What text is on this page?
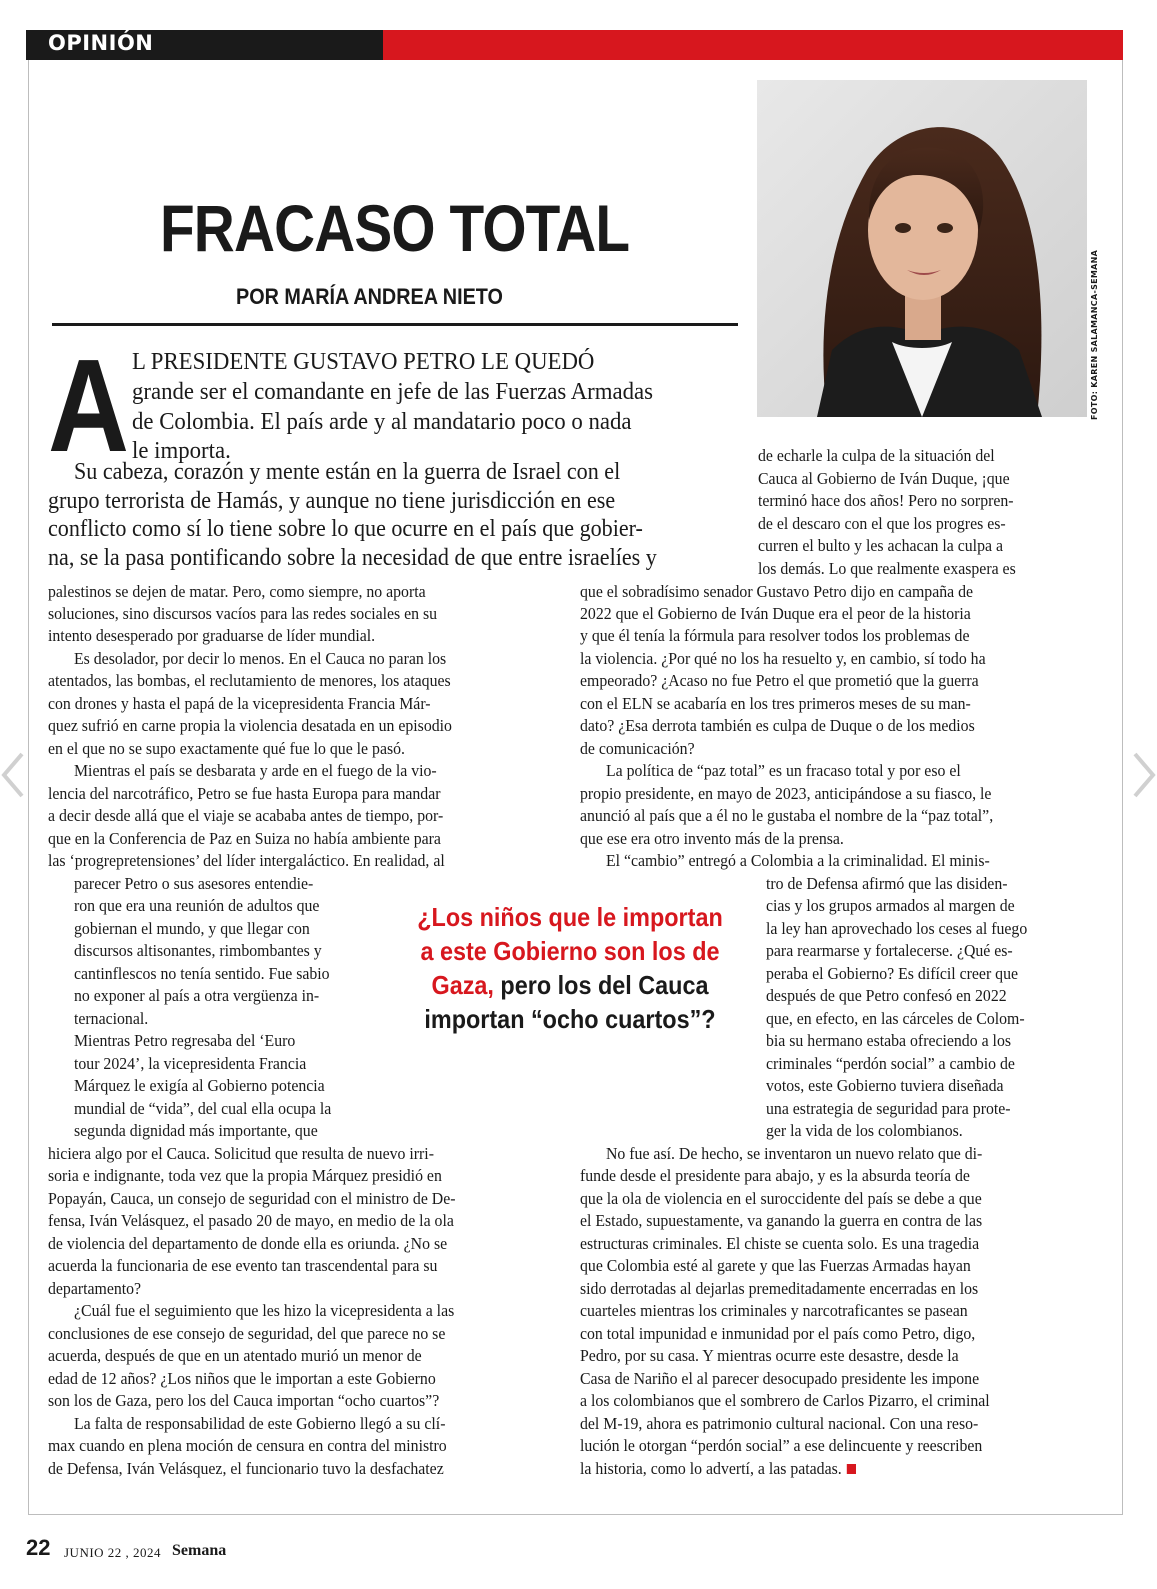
OPINIÓN
FRACASO TOTAL
POR MARÍA ANDREA NIETO	FOTO: KAREN SALAMANCA-SEMANA
A L PRESIDENTE GUSTAVO PETRO LE QUEDÓ
grande ser el comandante en jefe de las Fuerzas Armadas
de Colombia. El país arde y al mandatario poco o nada
le importa.
Su cabeza, corazón y mente están en la guerra de Israel con el
grupo terrorista de Hamás, y aunque no tiene jurisdicción en ese
conflicto como sí lo tiene sobre lo que ocurre en el país que gobier-
na, se la pasa pontificando sobre la necesidad de que entre israelíes y
palestinos se dejen de matar. Pero, como siempre, no aporta
soluciones, sino discursos vacíos para las redes sociales en su
intento desesperado por graduarse de líder mundial.
Es desolador, por decir lo menos. En el Cauca no paran los
atentados, las bombas, el reclutamiento de menores, los ataques
con drones y hasta el papá de la vicepresidenta Francia Már-
quez sufrió en carne propia la violencia desatada en un episodio
en el que no se supo exactamente qué fue lo que le pasó.
Mientras el país se desbarata y arde en el fuego de la vio-
lencia del narcotráfico, Petro se fue hasta Europa para mandar
a decir desde allá que el viaje se acababa antes de tiempo, por-
que en la Conferencia de Paz en Suiza no había ambiente para
las ‘progrepretensiones’ del líder intergaláctico. En realidad, al
parecer Petro o sus asesores entendie-
ron que era una reunión de adultos que
gobiernan el mundo, y que llegar con
discursos altisonantes, rimbombantes y
cantinflescos no tenía sentido. Fue sabio
no exponer al país a otra vergüenza in-
ternacional.
Mientras Petro regresaba del ‘Euro
tour 2024’, la vicepresidenta Francia
Márquez le exigía al Gobierno potencia
mundial de “vida”, del cual ella ocupa la
segunda dignidad más importante, que
hiciera algo por el Cauca. Solicitud que resulta de nuevo irri-
soria e indignante, toda vez que la propia Márquez presidió en
Popayán, Cauca, un consejo de seguridad con el ministro de De-
fensa, Iván Velásquez, el pasado 20 de mayo, en medio de la ola
de violencia del departamento de donde ella es oriunda. ¿No se
acuerda la funcionaria de ese evento tan trascendental para su
departamento?
¿Cuál fue el seguimiento que les hizo la vicepresidenta a las
conclusiones de ese consejo de seguridad, del que parece no se
acuerda, después de que en un atentado murió un menor de
edad de 12 años? ¿Los niños que le importan a este Gobierno
son los de Gaza, pero los del Cauca importan “ocho cuartos”?
La falta de responsabilidad de este Gobierno llegó a su clí-
max cuando en plena moción de censura en contra del ministro
de Defensa, Iván Velásquez, el funcionario tuvo la desfachatez
de echarle la culpa de la situación del
Cauca al Gobierno de Iván Duque, ¡que
terminó hace dos años! Pero no sorpren-
de el descaro con el que los progres es-
curren el bulto y les achacan la culpa a
los demás. Lo que realmente exaspera es
que el sobradísimo senador Gustavo Petro dijo en campaña de
2022 que el Gobierno de Iván Duque era el peor de la historia
y que él tenía la fórmula para resolver todos los problemas de
la violencia. ¿Por qué no los ha resuelto y, en cambio, sí todo ha
empeorado? ¿Acaso no fue Petro el que prometió que la guerra
con el ELN se acabaría en los tres primeros meses de su man-
dato? ¿Esa derrota también es culpa de Duque o de los medios
de comunicación?
La política de “paz total” es un fracaso total y por eso el
propio presidente, en mayo de 2023, anticipándose a su fiasco, le
anunció al país que a él no le gustaba el nombre de la “paz total”,
que ese era otro invento más de la prensa.
El “cambio” entregó a Colombia a la criminalidad. El minis-
tro de Defensa afirmó que las disiden-
cias y los grupos armados al margen de
la ley han aprovechado los ceses al fuego
para rearmarse y fortalecerse. ¿Qué es-
peraba el Gobierno? Es difícil creer que
después de que Petro confesó en 2022
que, en efecto, en las cárceles de Colom-
bia su hermano estaba ofreciendo a los
criminales “perdón social” a cambio de
votos, este Gobierno tuviera diseñada
una estrategia de seguridad para prote-
ger la vida de los colombianos.
No fue así. De hecho, se inventaron un nuevo relato que di-
funde desde el presidente para abajo, y es la absurda teoría de
que la ola de violencia en el suroccidente del país se debe a que
el Estado, supuestamente, va ganando la guerra en contra de las
estructuras criminales. El chiste se cuenta solo. Es una tragedia
que Colombia esté al garete y que las Fuerzas Armadas hayan
sido derrotadas al dejarlas premeditadamente encerradas en los
cuarteles mientras los criminales y narcotraficantes se pasean
con total impunidad e inmunidad por el país como Petro, digo,
Pedro, por su casa. Y mientras ocurre este desastre, desde la
Casa de Nariño el al parecer desocupado presidente les impone
a los colombianos que el sombrero de Carlos Pizarro, el criminal
del M-19, ahora es patrimonio cultural nacional. Con una reso-
lución le otorgan “perdón social” a ese delincuente y reescriben
la historia, como lo advertí, a las patadas.
¿Los niños que le importan a este Gobierno son los de Gaza, pero los del Cauca importan “ocho cuartos”?
22 JUNIO 22 , 2024 Semana
